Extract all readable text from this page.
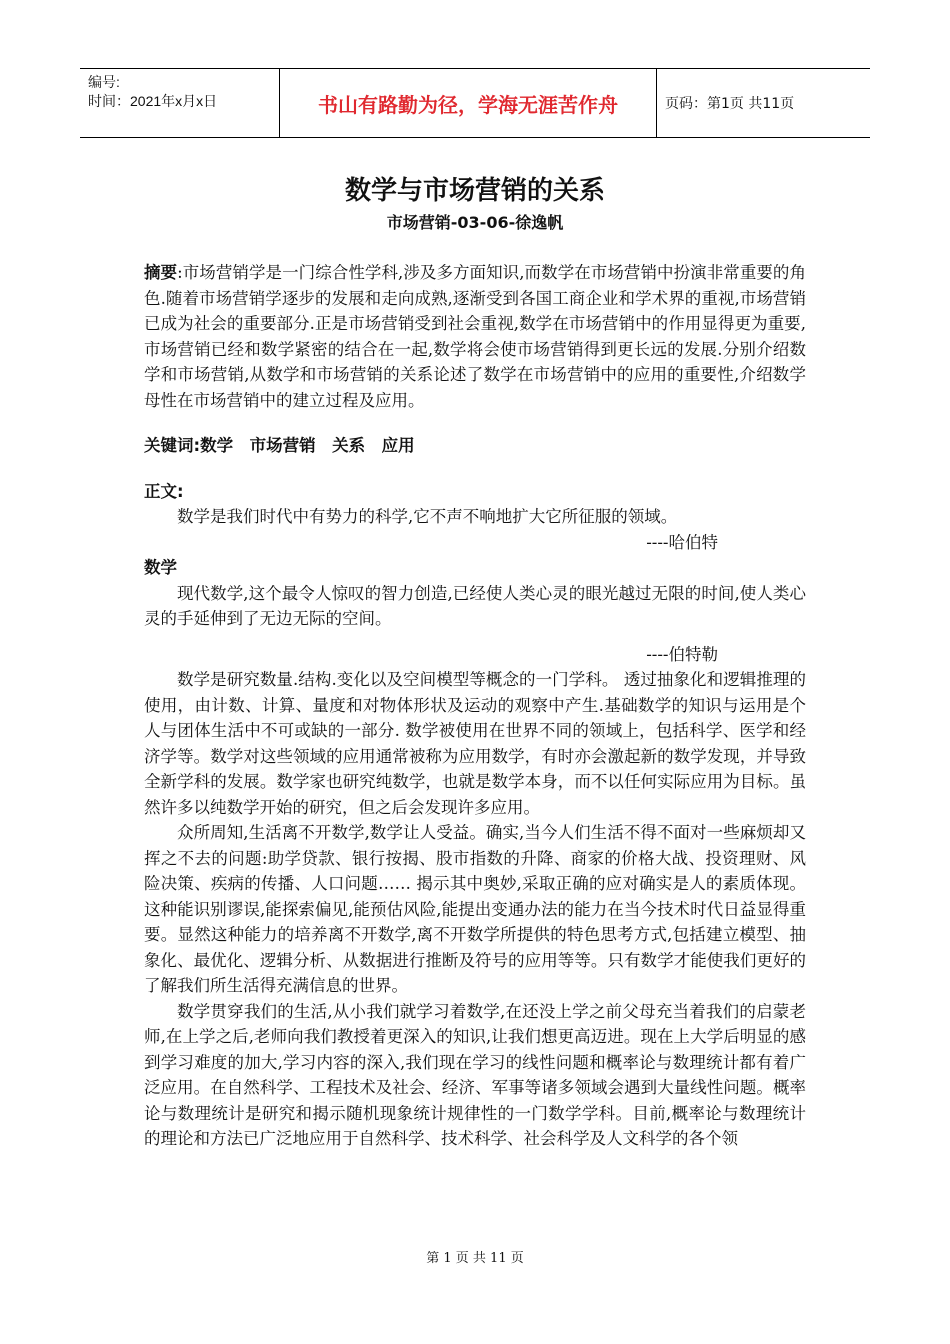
编号:
时间：2021年x月x日	书山有路勤为径，学海无涯苦作舟	页码：第1页 共11页
数学与市场营销的关系
市场营销-03-06-徐逸帆
摘要:市场营销学是一门综合性学科,涉及多方面知识,而数学在市场营销中扮演非常重要的角色.随着市场营销学逐步的发展和走向成熟,逐渐受到各国工商企业和学术界的重视,市场营销已成为社会的重要部分.正是市场营销受到社会重视,数学在市场营销中的作用显得更为重要,市场营销已经和数学紧密的结合在一起,数学将会使市场营销得到更长远的发展.分别介绍数学和市场营销,从数学和市场营销的关系论述了数学在市场营销中的应用的重要性,介绍数学母性在市场营销中的建立过程及应用。
关键词:数学　市场营销　关系　应用
正文:
数学是我们时代中有势力的科学,它不声不响地扩大它所征服的领域。
----哈伯特
数学
现代数学,这个最令人惊叹的智力创造,已经使人类心灵的眼光越过无限的时间,使人类心灵的手延伸到了无边无际的空间。
----伯特勒
数学是研究数量.结构.变化以及空间模型等概念的一门学科。 透过抽象化和逻辑推理的使用，由计数、计算、量度和对物体形状及运动的观察中产生.基础数学的知识与运用是个人与团体生活中不可或缺的一部分. 数学被使用在世界不同的领域上，包括科学、医学和经济学等。数学对这些领域的应用通常被称为应用数学，有时亦会激起新的数学发现，并导致全新学科的发展。数学家也研究纯数学，也就是数学本身，而不以任何实际应用为目标。虽然许多以纯数学开始的研究，但之后会发现许多应用。
众所周知,生活离不开数学,数学让人受益。确实,当今人们生活不得不面对一些麻烦却又挥之不去的问题:助学贷款、银行按揭、股市指数的升降、商家的价格大战、投资理财、风险决策、疾病的传播、人口问题…… 揭示其中奥妙,采取正确的应对确实是人的素质体现。这种能识别谬误,能探索偏见,能预估风险,能提出变通办法的能力在当今技术时代日益显得重要。显然这种能力的培养离不开数学,离不开数学所提供的特色思考方式,包括建立模型、抽象化、最优化、逻辑分析、从数据进行推断及符号的应用等等。只有数学才能使我们更好的了解我们所生活得充满信息的世界。
数学贯穿我们的生活,从小我们就学习着数学,在还没上学之前父母充当着我们的启蒙老师,在上学之后,老师向我们教授着更深入的知识,让我们想更高迈进。现在上大学后明显的感到学习难度的加大,学习内容的深入,我们现在学习的线性问题和概率论与数理统计都有着广泛应用。在自然科学、工程技术及社会、经济、军事等诸多领域会遇到大量线性问题。概率论与数理统计是研究和揭示随机现象统计规律性的一门数学学科。目前,概率论与数理统计的理论和方法已广泛地应用于自然科学、技术科学、社会科学及人文科学的各个领
第 1 页 共 11 页
